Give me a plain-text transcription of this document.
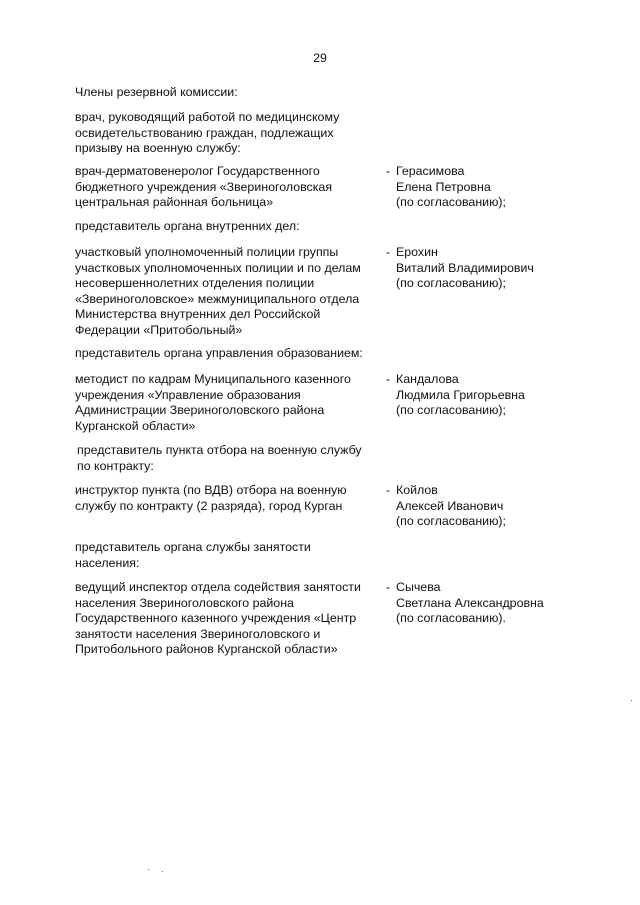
29
Члены резервной комиссии:
врач, руководящий работой по медицинскому
освидетельствованию граждан, подлежащих
призыву на военную службу:
врач-дерматовенеролог Государственного
бюджетного учреждения «Звериноголовская
центральная районная больница»
- Герасимова
Елена Петровна
(по согласованию);
представитель органа внутренних дел:
участковый уполномоченный полиции группы
участковых уполномоченных полиции и по делам
несовершеннолетних отделения полиции
«Звериноголовское» межмуниципального отдела
Министерства внутренних дел Российской
Федерации «Притобольный»
- Ерохин
Виталий Владимирович
(по согласованию);
представитель органа управления образованием:
методист по кадрам Муниципального казенного
учреждения «Управление образования
Администрации Звериноголовского района
Курганской области»
- Кандалова
Людмила Григорьевна
(по согласованию);
представитель пункта отбора на военную службу
по контракту:
инструктор пункта (по ВДВ) отбора на военную
службу по контракту (2 разряда), город Курган
- Койлов
Алексей Иванович
(по согласованию);
представитель органа службы занятости
населения:
ведущий инспектор отдела содействия занятости
населения Звериноголовского района
Государственного казенного учреждения «Центр
занятости населения Звериноголовского и
Притобольного районов Курганской области»
- Сычева
Светлана Александровна
(по согласованию).
